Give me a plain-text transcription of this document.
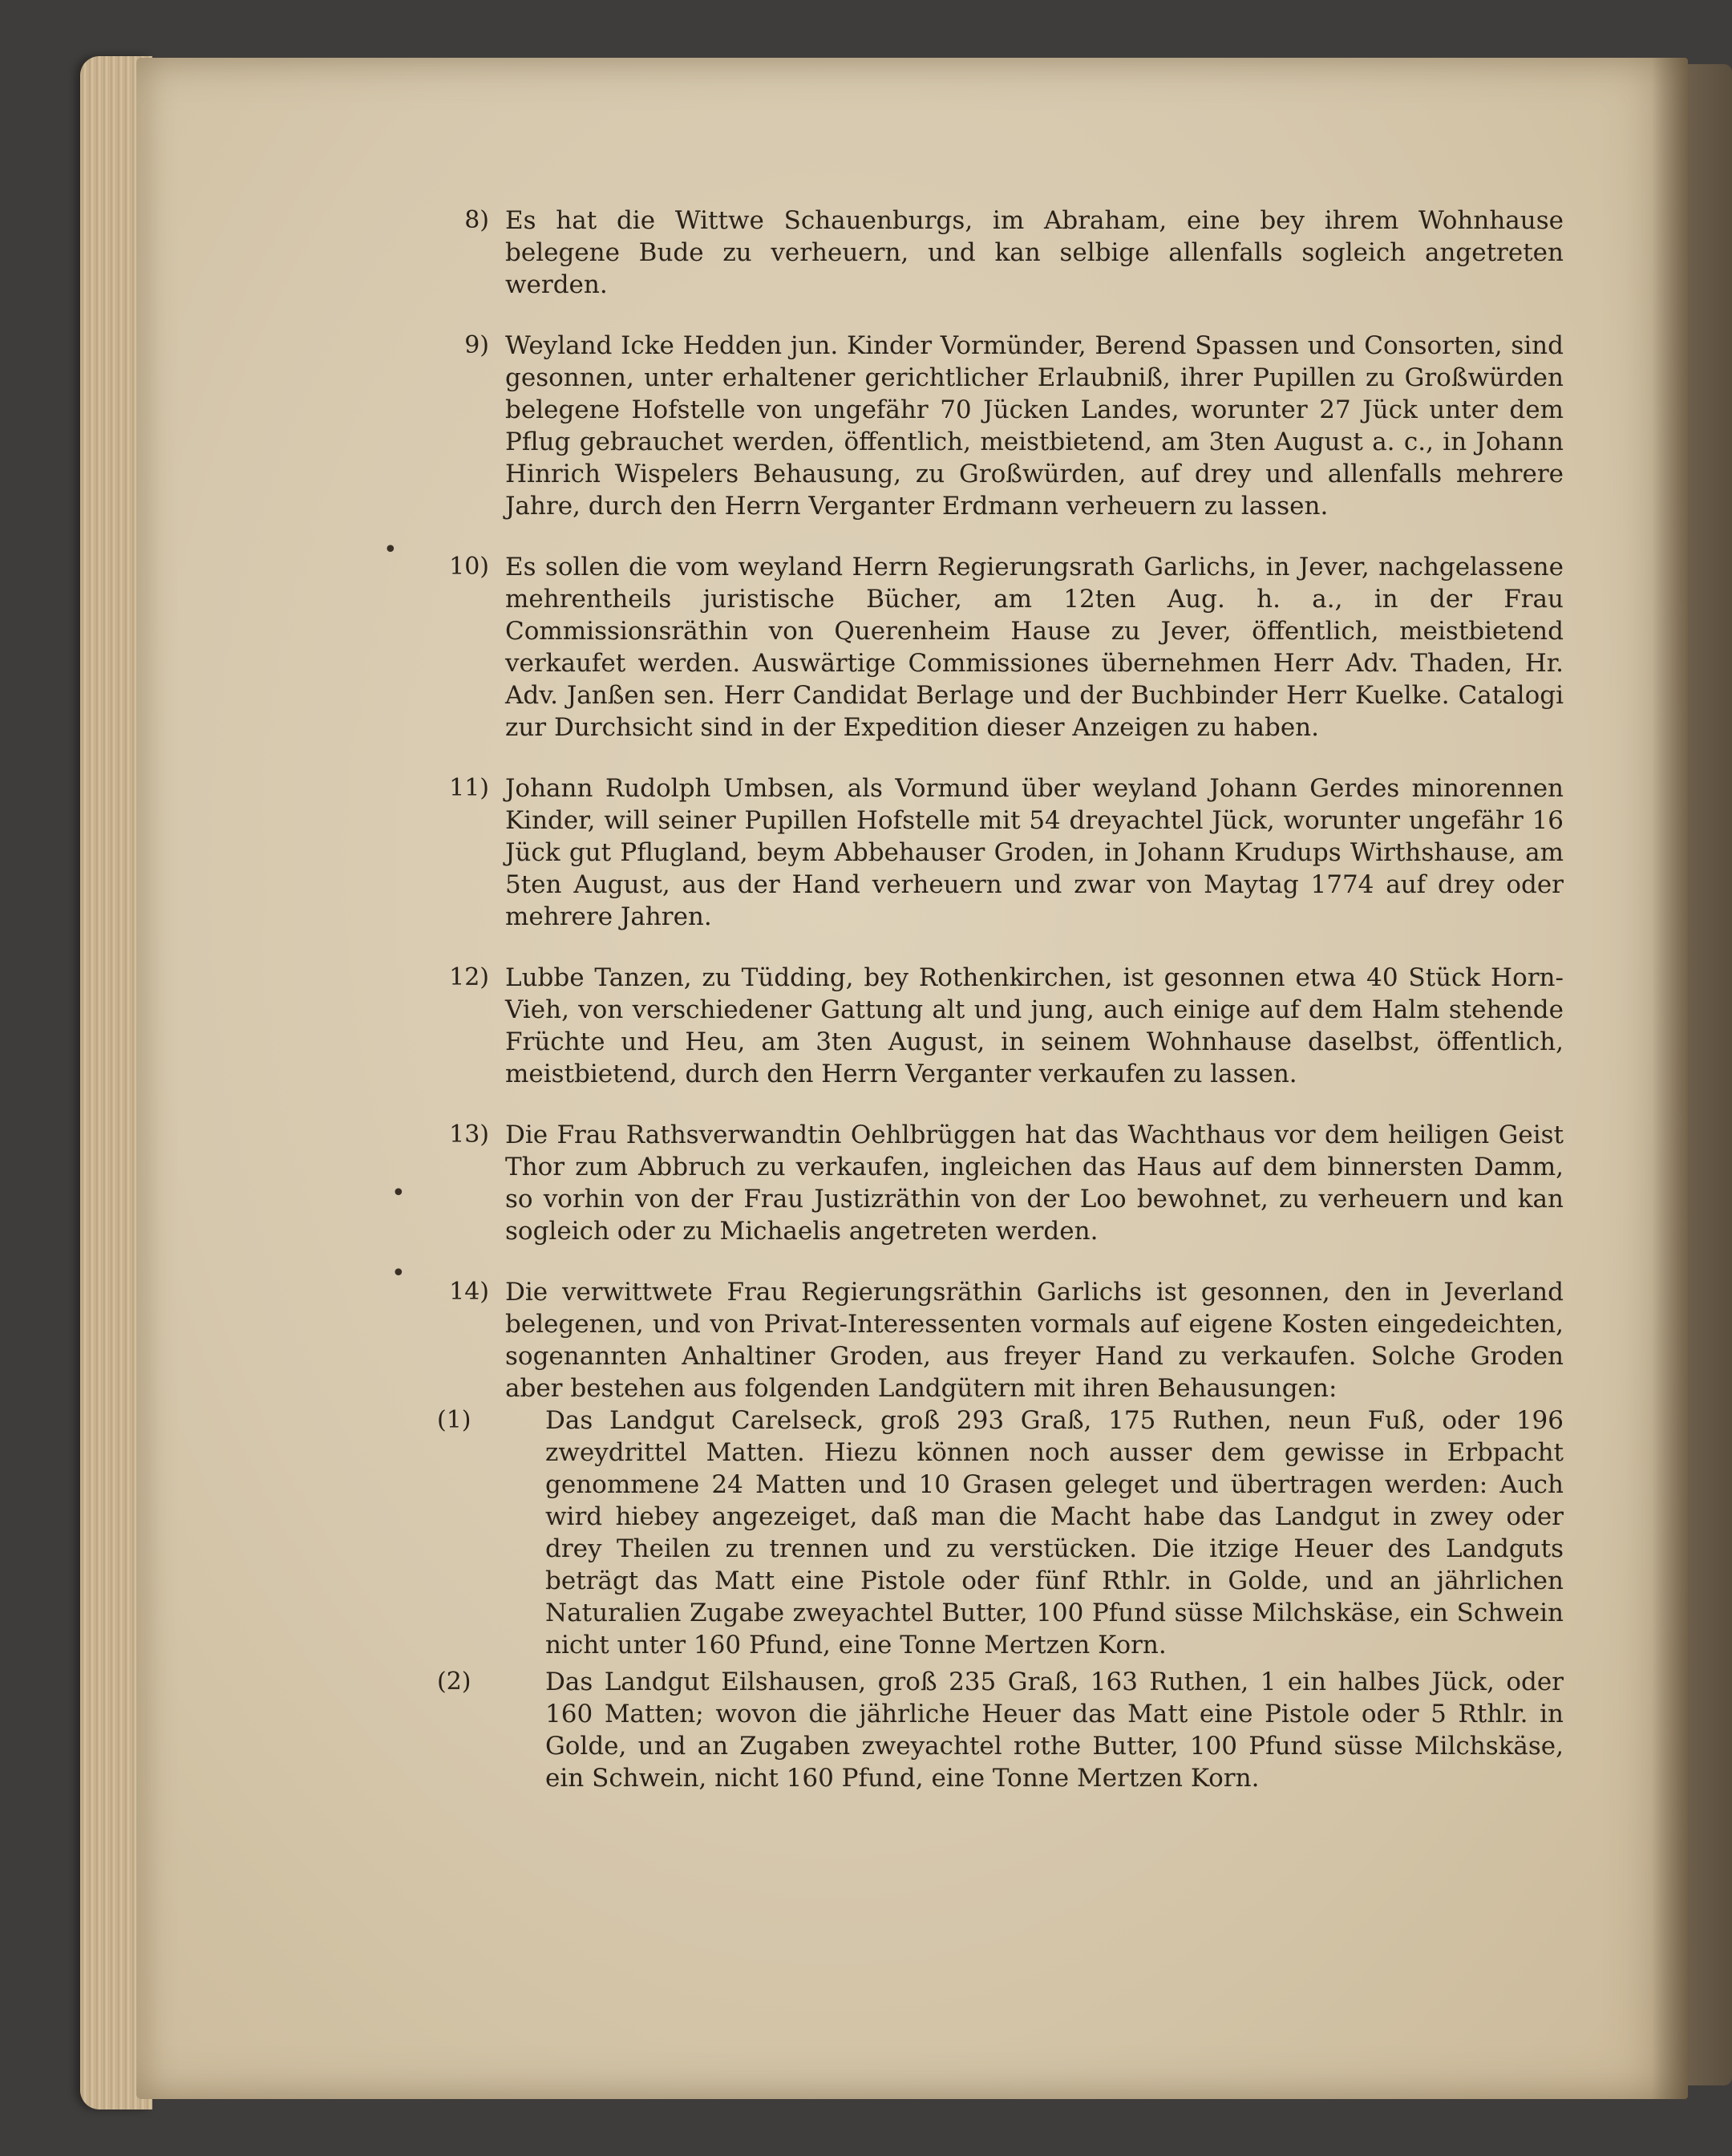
•
•
•
8) Es hat die Wittwe Schauenburgs, im Abraham, eine bey ihrem Wohnhause belegene Bude zu verheuern, und kan selbige allenfalls sogleich angetreten werden.
9) Weyland Icke Hedden jun. Kinder Vormünder, Berend Spassen und Consorten, sind gesonnen, unter erhaltener gerichtlicher Erlaubniß, ihrer Pupillen zu Großwürden belegene Hofstelle von ungefähr 70 Jücken Landes, worunter 27 Jück unter dem Pflug gebrauchet werden, öffentlich, meistbietend, am 3ten August a. c., in Johann Hinrich Wispelers Behausung, zu Großwürden, auf drey und allenfalls mehrere Jahre, durch den Herrn Verganter Erdmann verheuern zu lassen.
10) Es sollen die vom weyland Herrn Regierungsrath Garlichs, in Jever, nachgelassene mehrentheils juristische Bücher, am 12ten Aug. h. a., in der Frau Commissionsräthin von Querenheim Hause zu Jever, öffentlich, meistbietend verkaufet werden. Auswärtige Commissiones übernehmen Herr Adv. Thaden, Hr. Adv. Janßen sen. Herr Candidat Berlage und der Buchbinder Herr Kuelke. Catalogi zur Durchsicht sind in der Expedition dieser Anzeigen zu haben.
11) Johann Rudolph Umbsen, als Vormund über weyland Johann Gerdes minorennen Kinder, will seiner Pupillen Hofstelle mit 54 dreyachtel Jück, worunter ungefähr 16 Jück gut Pflugland, beym Abbehauser Groden, in Johann Krudups Wirthshause, am 5ten August, aus der Hand verheuern und zwar von Maytag 1774 auf drey oder mehrere Jahren.
12) Lubbe Tanzen, zu Tüdding, bey Rothenkirchen, ist gesonnen etwa 40 Stück Horn-Vieh, von verschiedener Gattung alt und jung, auch einige auf dem Halm stehende Früchte und Heu, am 3ten August, in seinem Wohnhause daselbst, öffentlich, meistbietend, durch den Herrn Verganter verkaufen zu lassen.
13) Die Frau Rathsverwandtin Oehlbrüggen hat das Wachthaus vor dem heiligen Geist Thor zum Abbruch zu verkaufen, ingleichen das Haus auf dem binnersten Damm, so vorhin von der Frau Justizräthin von der Loo bewohnet, zu verheuern und kan sogleich oder zu Michaelis angetreten werden.
14) Die verwittwete Frau Regierungsräthin Garlichs ist gesonnen, den in Jeverland belegenen, und von Privat-Interessenten vormals auf eigene Kosten eingedeichten, sogenannten Anhaltiner Groden, aus freyer Hand zu verkaufen. Solche Groden aber bestehen aus folgenden Landgütern mit ihren Behausungen:
(1)	Das Landgut Carelseck, groß 293 Graß, 175 Ruthen, neun Fuß, oder 196 zweydrittel Matten. Hiezu können noch ausser dem gewisse in Erbpacht genommene 24 Matten und 10 Grasen geleget und übertragen werden: Auch wird hiebey angezeiget, daß man die Macht habe das Landgut in zwey oder drey Theilen zu trennen und zu verstücken. Die itzige Heuer des Landguts beträgt das Matt eine Pistole oder fünf Rthlr. in Golde, und an jährlichen Naturalien Zugabe zweyachtel Butter, 100 Pfund süsse Milchskäse, ein Schwein nicht unter 160 Pfund, eine Tonne Mertzen Korn.
(2)	Das Landgut Eilshausen, groß 235 Graß, 163 Ruthen, 1 ein halbes Jück, oder 160 Matten; wovon die jährliche Heuer das Matt eine Pistole oder 5 Rthlr. in Golde, und an Zugaben zweyachtel rothe Butter, 100 Pfund süsse Milchskäse, ein Schwein, nicht 160 Pfund, eine Tonne Mertzen Korn.
